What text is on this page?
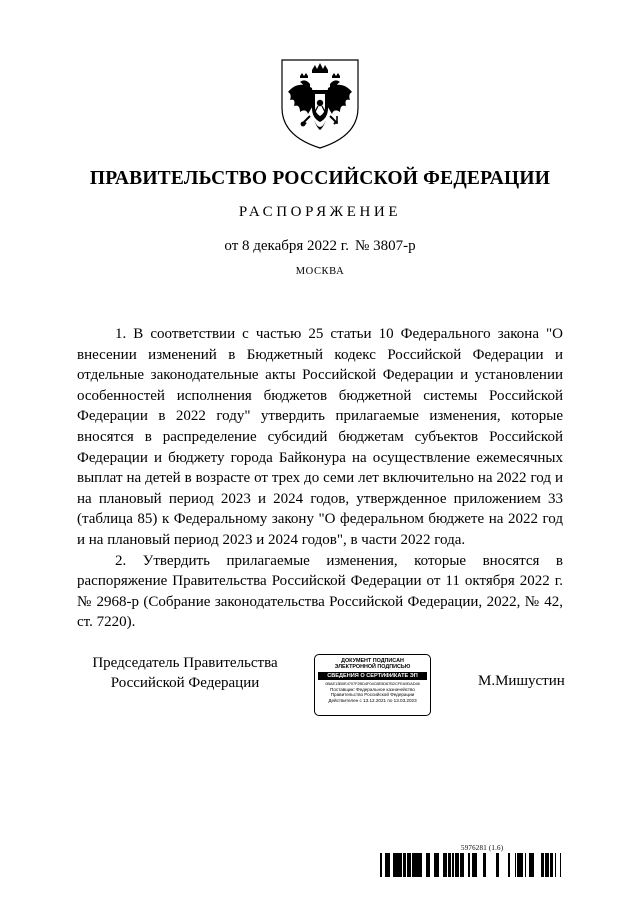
ПРАВИТЕЛЬСТВО РОССИЙСКОЙ ФЕДЕРАЦИИ
РАСПОРЯЖЕНИЕ
от 8 декабря 2022 г. № 3807-р
МОСКВА

1. В соответствии с частью 25 статьи 10 Федерального закона "О внесении изменений в Бюджетный кодекс Российской Федерации и отдельные законодательные акты Российской Федерации и установлении особенностей исполнения бюджетов бюджетной системы Российской Федерации в 2022 году" утвердить прилагаемые изменения, которые вносятся в распределение субсидий бюджетам субъектов Российской Федерации и бюджету города Байконура на осуществление ежемесячных выплат на детей в возрасте от трех до семи лет включительно на 2022 год и на плановый период 2023 и 2024 годов, утвержденное приложением 33 (таблица 85) к Федеральному закону "О федеральном бюджете на 2022 год и на плановый период 2023 и 2024 годов", в части 2022 года.

2. Утвердить прилагаемые изменения, которые вносятся в распоряжение Правительства Российской Федерации от 11 октября 2022 г. № 2968-р (Собрание законодательства Российской Федерации, 2022, № 42, ст. 7220).

Председатель Правительства
Российской Федерации
ДОКУМЕНТ ПОДПИСАН
ЭЛЕКТРОННОЙ ПОДПИСЬЮ
СВЕДЕНИЯ О СЕРТИФИКАТЕ ЭП
0BAE13B0E4707F2BD4F04C8E5D67B2CFEA9DAD46
Поставщик: Федеральное казначейство
Правительство Российской Федерации
Действителен с 13.12.2021 по 13.03.2023
М.Мишустин
5976281 (1.6)
